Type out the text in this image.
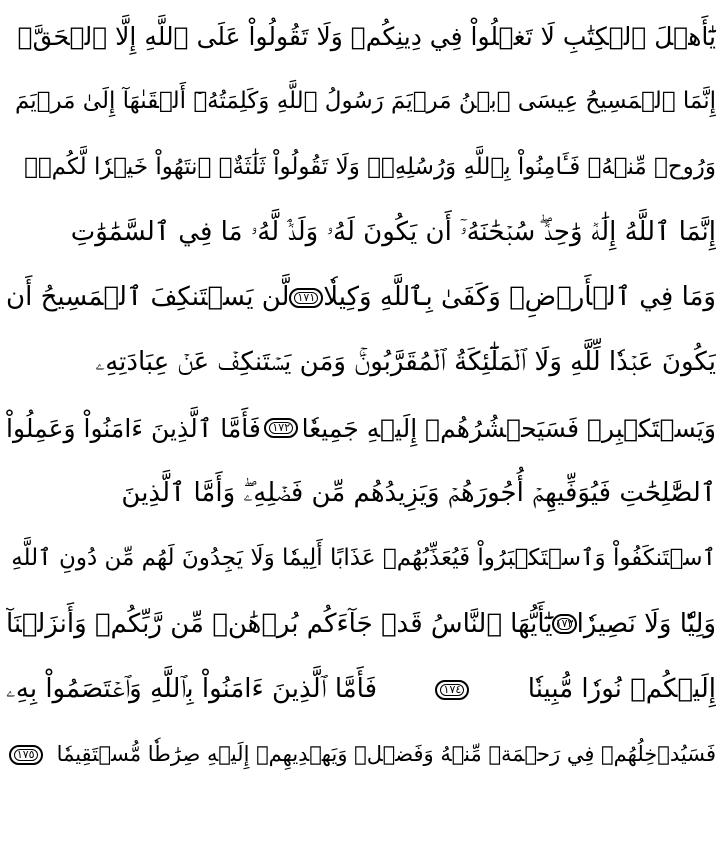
يَٰٓأَهۡلَ ٱلۡكِتَٰبِ لَا تَغۡلُواْ فِي دِينِكُمۡ وَلَا تَقُولُواْ عَلَى ٱللَّهِ إِلَّا ٱلۡحَقَّۚ
إِنَّمَا ٱلۡمَسِيحُ عِيسَى ٱبۡنُ مَرۡيَمَ رَسُولُ ٱللَّهِ وَكَلِمَتُهُۥٓ أَلۡقَىٰهَآ إِلَىٰ مَرۡيَمَ
وَرُوحٞ مِّنۡهُۖ فَـَٔامِنُواْ بِٱللَّهِ وَرُسُلِهِۦۖ وَلَا تَقُولُواْ ثَلَٰثَةٌۚ ٱنتَهُواْ خَيۡرٗا لَّكُمۡۚ
إِنَّمَا ٱللَّهُ إِلَٰهٞ وَٰحِدٞۖ سُبۡحَٰنَهُۥٓ أَن يَكُونَ لَهُۥ وَلَدٞۘ لَّهُۥ مَا فِي ٱلسَّمَٰوَٰتِ
وَمَا فِي ٱلۡأَرۡضِۗ وَكَفَىٰ بِٱللَّهِ وَكِيلٗا
١٧١
لَّن يَسۡتَنكِفَ ٱلۡمَسِيحُ أَن
يَكُونَ عَبۡدٗا لِّلَّهِ وَلَا ٱلۡمَلَٰٓئِكَةُ ٱلۡمُقَرَّبُونَۚ وَمَن يَسۡتَنكِفۡ عَنۡ عِبَادَتِهِۦ
وَيَسۡتَكۡبِرۡ فَسَيَحۡشُرُهُمۡ إِلَيۡهِ جَمِيعٗا
١٧٢
فَأَمَّا ٱلَّذِينَ ءَامَنُواْ وَعَمِلُواْ
ٱلصَّٰلِحَٰتِ فَيُوَفِّيهِمۡ أُجُورَهُمۡ وَيَزِيدُهُم مِّن فَضۡلِهِۦۖ وَأَمَّا ٱلَّذِينَ
ٱسۡتَنكَفُواْ وَٱسۡتَكۡبَرُواْ فَيُعَذِّبُهُمۡ عَذَابًا أَلِيمٗا وَلَا يَجِدُونَ لَهُم مِّن دُونِ ٱللَّهِ
وَلِيّٗا وَلَا نَصِيرٗا
١٧٣
يَٰٓأَيُّهَا ٱلنَّاسُ قَدۡ جَآءَكُم بُرۡهَٰنٞ مِّن رَّبِّكُمۡ وَأَنزَلۡنَآ
إِلَيۡكُمۡ نُورٗا مُّبِينٗا
١٧٤
فَأَمَّا ٱلَّذِينَ ءَامَنُواْ بِٱللَّهِ وَٱعۡتَصَمُواْ بِهِۦ
فَسَيُدۡخِلُهُمۡ فِي رَحۡمَةٖ مِّنۡهُ وَفَضۡلٖ وَيَهۡدِيهِمۡ إِلَيۡهِ صِرَٰطٗا مُّسۡتَقِيمٗا
١٧٥
